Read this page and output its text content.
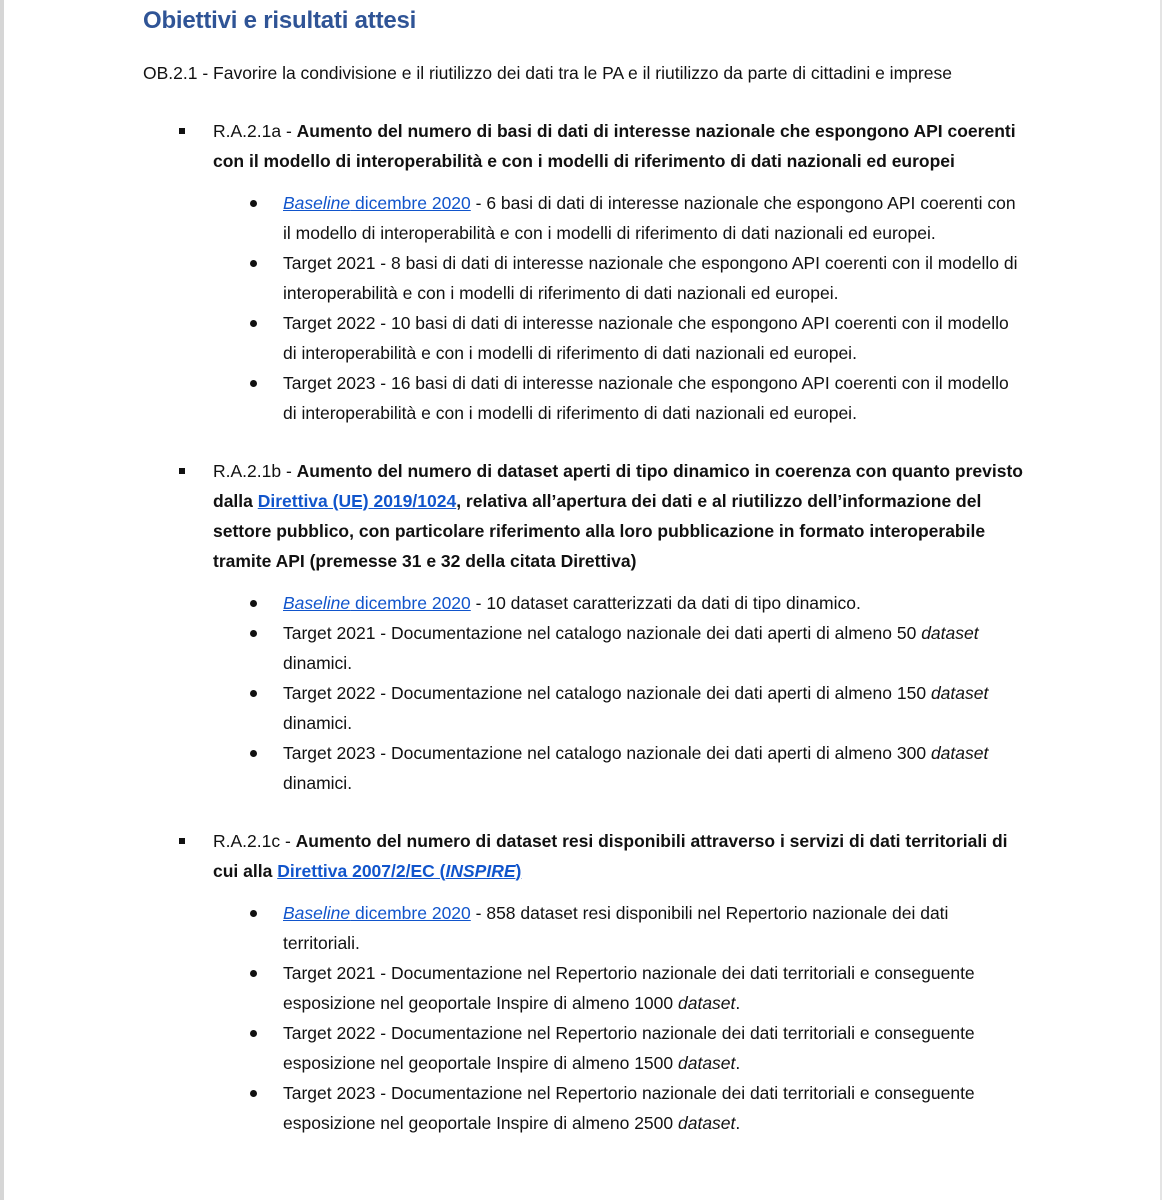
Obiettivi e risultati attesi
OB.2.1 - Favorire la condivisione e il riutilizzo dei dati tra le PA e il riutilizzo da parte di cittadini e imprese
R.A.2.1a - Aumento del numero di basi di dati di interesse nazionale che espongono API coerenti con il modello di interoperabilità e con i modelli di riferimento di dati nazionali ed europei
Baseline dicembre 2020 - 6 basi di dati di interesse nazionale che espongono API coerenti con il modello di interoperabilità e con i modelli di riferimento di dati nazionali ed europei.
Target 2021 - 8 basi di dati di interesse nazionale che espongono API coerenti con il modello di interoperabilità e con i modelli di riferimento di dati nazionali ed europei.
Target 2022 - 10 basi di dati di interesse nazionale che espongono API coerenti con il modello di interoperabilità e con i modelli di riferimento di dati nazionali ed europei.
Target 2023 - 16 basi di dati di interesse nazionale che espongono API coerenti con il modello di interoperabilità e con i modelli di riferimento di dati nazionali ed europei.
R.A.2.1b - Aumento del numero di dataset aperti di tipo dinamico in coerenza con quanto previsto dalla Direttiva (UE) 2019/1024, relativa all’apertura dei dati e al riutilizzo dell’informazione del settore pubblico, con particolare riferimento alla loro pubblicazione in formato interoperabile tramite API (premesse 31 e 32 della citata Direttiva)
Baseline dicembre 2020 - 10 dataset caratterizzati da dati di tipo dinamico.
Target 2021 - Documentazione nel catalogo nazionale dei dati aperti di almeno 50 dataset dinamici.
Target 2022 - Documentazione nel catalogo nazionale dei dati aperti di almeno 150 dataset dinamici.
Target 2023 - Documentazione nel catalogo nazionale dei dati aperti di almeno 300 dataset dinamici.
R.A.2.1c - Aumento del numero di dataset resi disponibili attraverso i servizi di dati territoriali di cui alla Direttiva 2007/2/EC (INSPIRE)
Baseline dicembre 2020 - 858 dataset resi disponibili nel Repertorio nazionale dei dati territoriali.
Target 2021 - Documentazione nel Repertorio nazionale dei dati territoriali e conseguente esposizione nel geoportale Inspire di almeno 1000 dataset.
Target 2022 - Documentazione nel Repertorio nazionale dei dati territoriali e conseguente esposizione nel geoportale Inspire di almeno 1500 dataset.
Target 2023 - Documentazione nel Repertorio nazionale dei dati territoriali e conseguente esposizione nel geoportale Inspire di almeno 2500 dataset.
